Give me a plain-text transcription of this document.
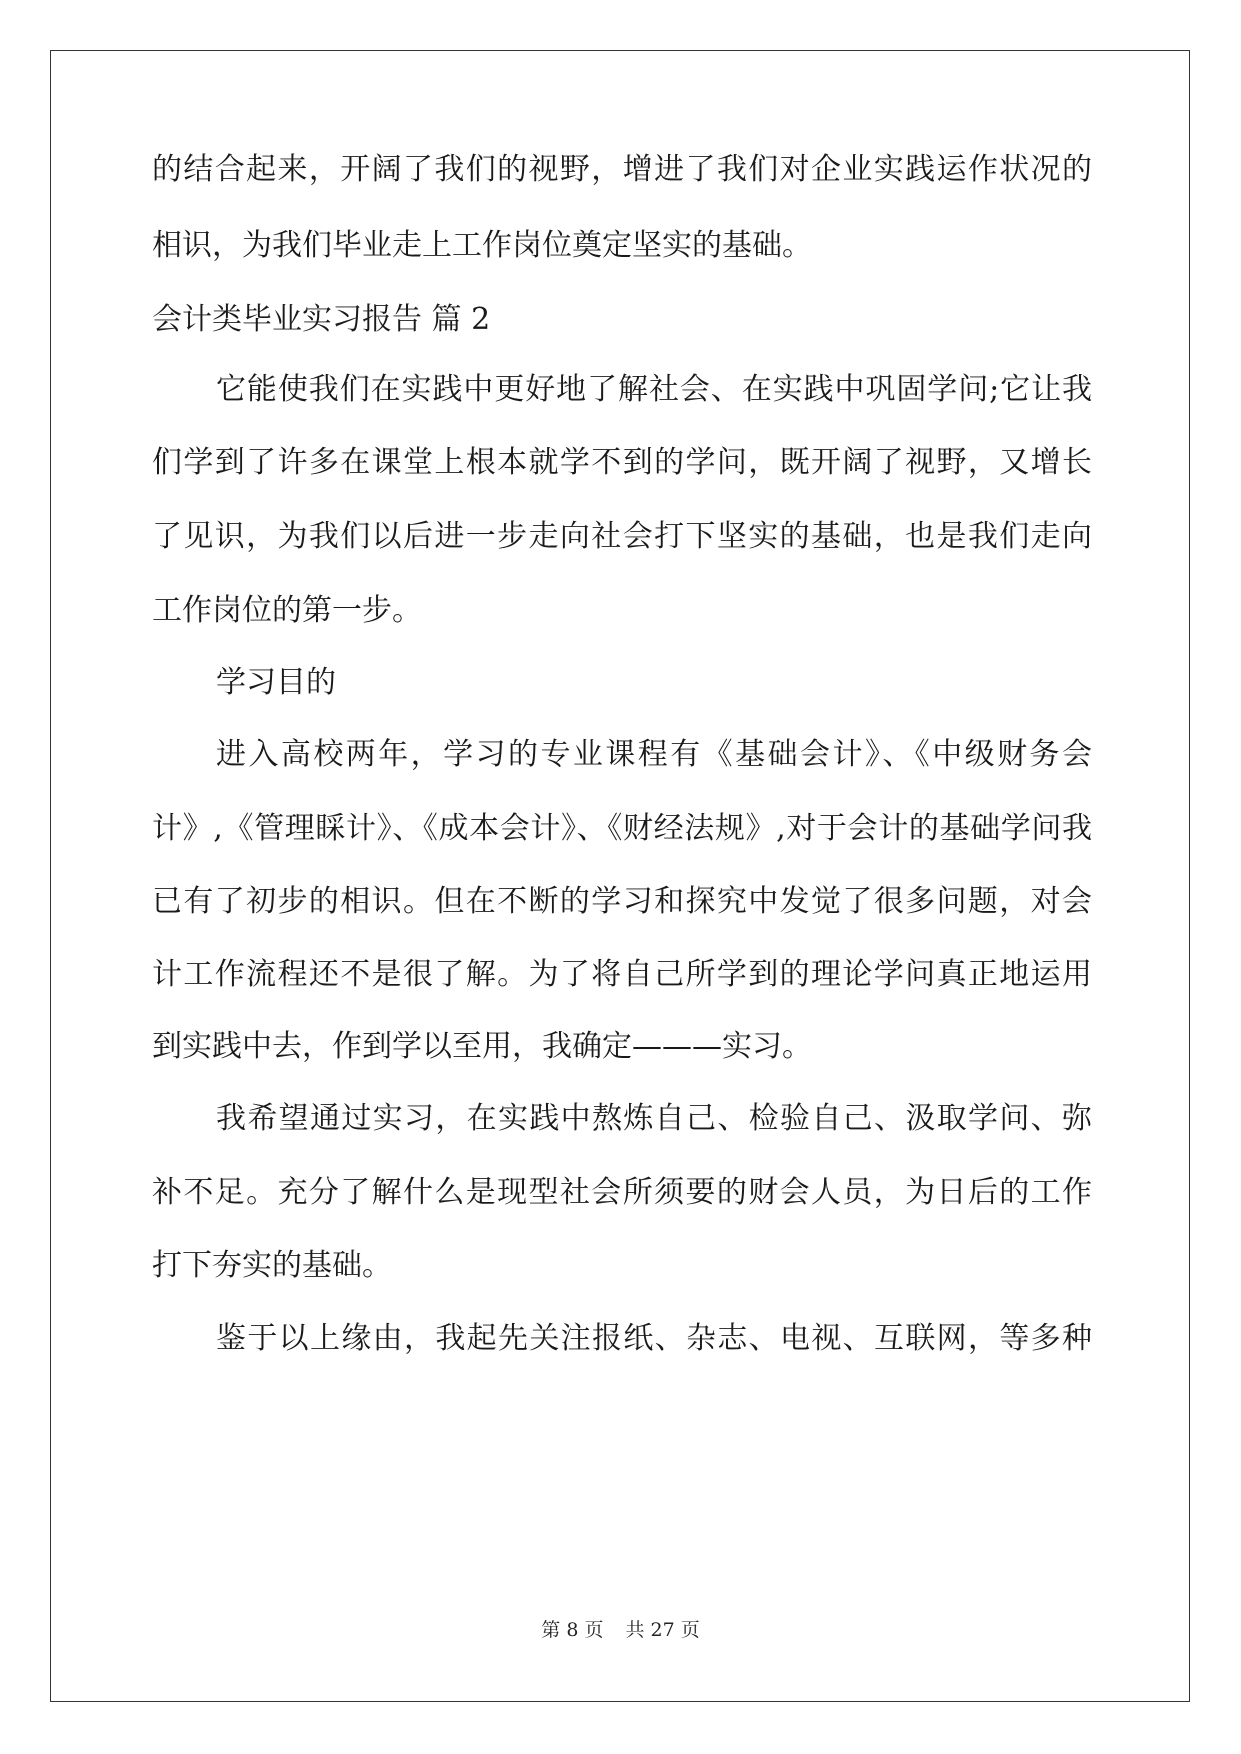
的结合起来，开阔了我们的视野，增进了我们对企业实践运作状况的
相识，为我们毕业走上工作岗位奠定坚实的基础。
会计类毕业实习报告 篇 2
它能使我们在实践中更好地了解社会、在实践中巩固学问;它让我
们学到了许多在课堂上根本就学不到的学问，既开阔了视野，又增长
了见识，为我们以后进一步走向社会打下坚实的基础，也是我们走向
工作岗位的第一步。
学习目的
进入高校两年，学习的专业课程有《基础会计》、《中级财务会
计》,《管理睬计》、《成本会计》、《财经法规》,对于会计的基础学问我
已有了初步的相识。但在不断的学习和探究中发觉了很多问题，对会
计工作流程还不是很了解。为了将自己所学到的理论学问真正地运用
到实践中去，作到学以至用，我确定———实习。
我希望通过实习，在实践中熬炼自己、检验自己、汲取学问、弥
补不足。充分了解什么是现型社会所须要的财会人员，为日后的工作
打下夯实的基础。
鉴于以上缘由，我起先关注报纸、杂志、电视、互联网，等多种
第 8 页 共 27 页
